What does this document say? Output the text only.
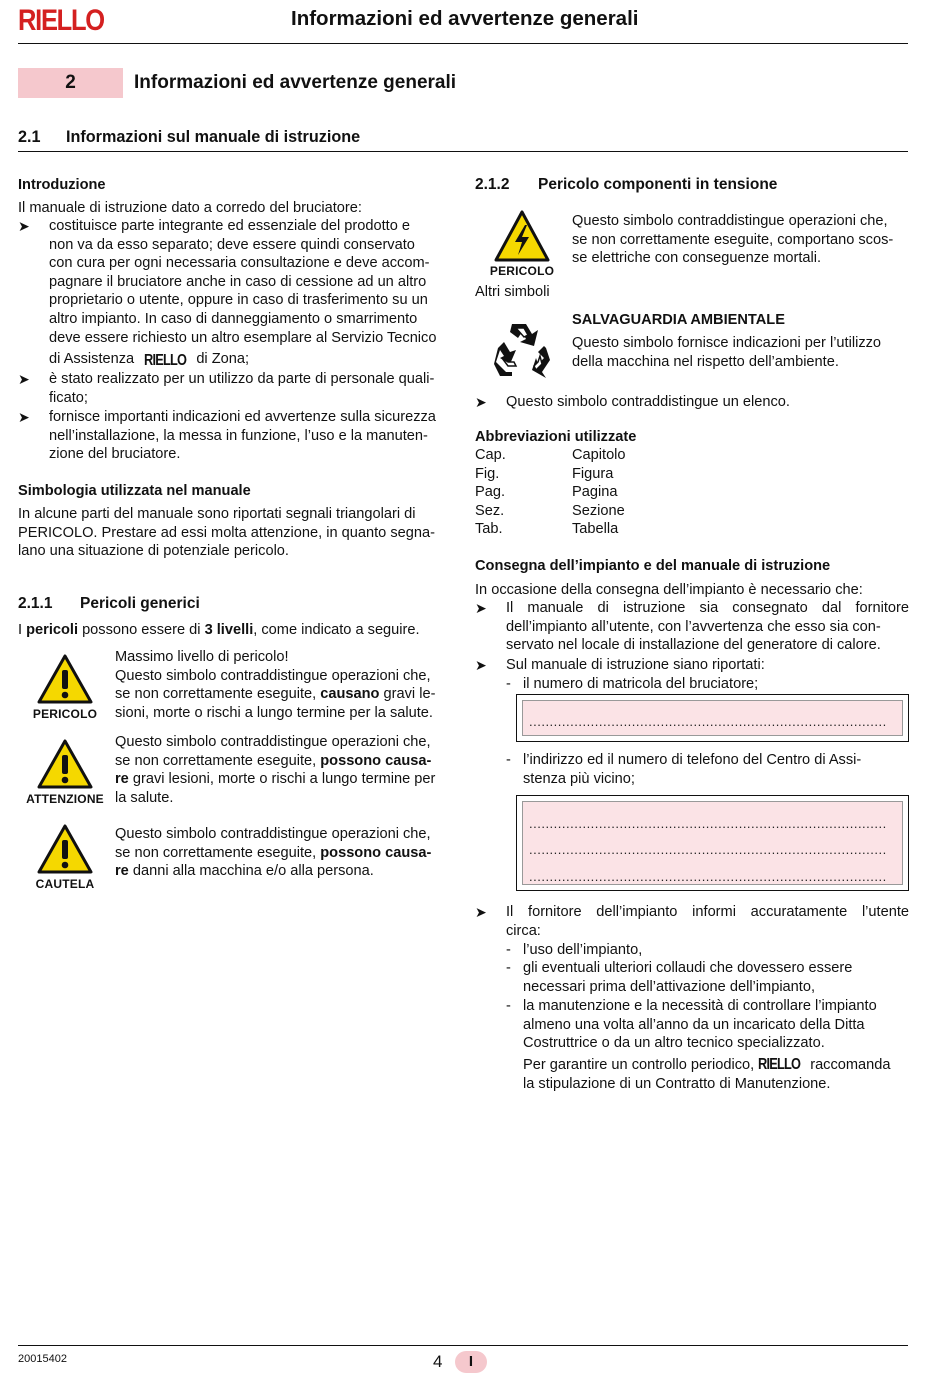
RIELLO	Informazioni ed avvertenze generali
2	Informazioni ed avvertenze generali
2.1 Informazioni sul manuale di istruzione
Introduzione
Il manuale di istruzione dato a corredo del bruciatore:
➤ costituisce parte integrante ed essenziale del prodotto e
non va da esso separato; deve essere quindi conservato
con cura per ogni necessaria consultazione e deve accom-
pagnare il bruciatore anche in caso di cessione ad un altro
proprietario o utente, oppure in caso di trasferimento su un
altro impianto. In caso di danneggiamento o smarrimento
deve essere richiesto un altro esemplare al Servizio Tecnico
di Assistenza RIELLO di Zona;
➤ è stato realizzato per un utilizzo da parte di personale quali-
ficato;
➤ fornisce importanti indicazioni ed avvertenze sulla sicurezza
nell’installazione, la messa in funzione, l’uso e la manuten-
zione del bruciatore.
Simbologia utilizzata nel manuale
In alcune parti del manuale sono riportati segnali triangolari di
PERICOLO. Prestare ad essi molta attenzione, in quanto segna-
lano una situazione di potenziale pericolo.
2.1.1 Pericoli generici
I pericoli possono essere di 3 livelli, come indicato a seguire.
PERICOLO
Massimo livello di pericolo!
Questo simbolo contraddistingue operazioni che,
se non correttamente eseguite, causano gravi le-
sioni, morte o rischi a lungo termine per la salute.
ATTENZIONE
Questo simbolo contraddistingue operazioni che,
se non correttamente eseguite, possono causa-
re gravi lesioni, morte o rischi a lungo termine per
la salute.
CAUTELA
Questo simbolo contraddistingue operazioni che,
se non correttamente eseguite, possono causa-
re danni alla macchina e/o alla persona.
2.1.2 Pericolo componenti in tensione
PERICOLO
Questo simbolo contraddistingue operazioni che,
se non correttamente eseguite, comportano scos-
se elettriche con conseguenze mortali.
Altri simboli
SALVAGUARDIA AMBIENTALE
Questo simbolo fornisce indicazioni per l’utilizzo
della macchina nel rispetto dell’ambiente.
➤ Questo simbolo contraddistingue un elenco.
Abbreviazioni utilizzate
Cap.	Capitolo
Fig.	Figura
Pag.	Pagina
Sez.	Sezione
Tab.	Tabella
Consegna dell’impianto e del manuale di istruzione
In occasione della consegna dell’impianto è necessario che:
➤ Il manuale di istruzione sia consegnato dal fornitore
dell’impianto all’utente, con l’avvertenza che esso sia con-
servato nel locale di installazione del generatore di calore.
➤ Sul manuale di istruzione siano riportati:
- il numero di matricola del bruciatore;
.......................................................................................
- l’indirizzo ed il numero di telefono del Centro di Assi-
stenza più vicino;
.......................................................................................
.......................................................................................
.......................................................................................
➤ Il fornitore dell’impianto informi accuratamente l’utente
circa:
- l’uso dell’impianto,
- gli eventuali ulteriori collaudi che dovessero essere
necessari prima dell’attivazione dell’impianto,
- la manutenzione e la necessità di controllare l’impianto
almeno una volta all’anno da un incaricato della Ditta
Costruttrice o da un altro tecnico specializzato.
Per garantire un controllo periodico, RIELLO raccomanda
la stipulazione di un Contratto di Manutenzione.
20015402	4	I
